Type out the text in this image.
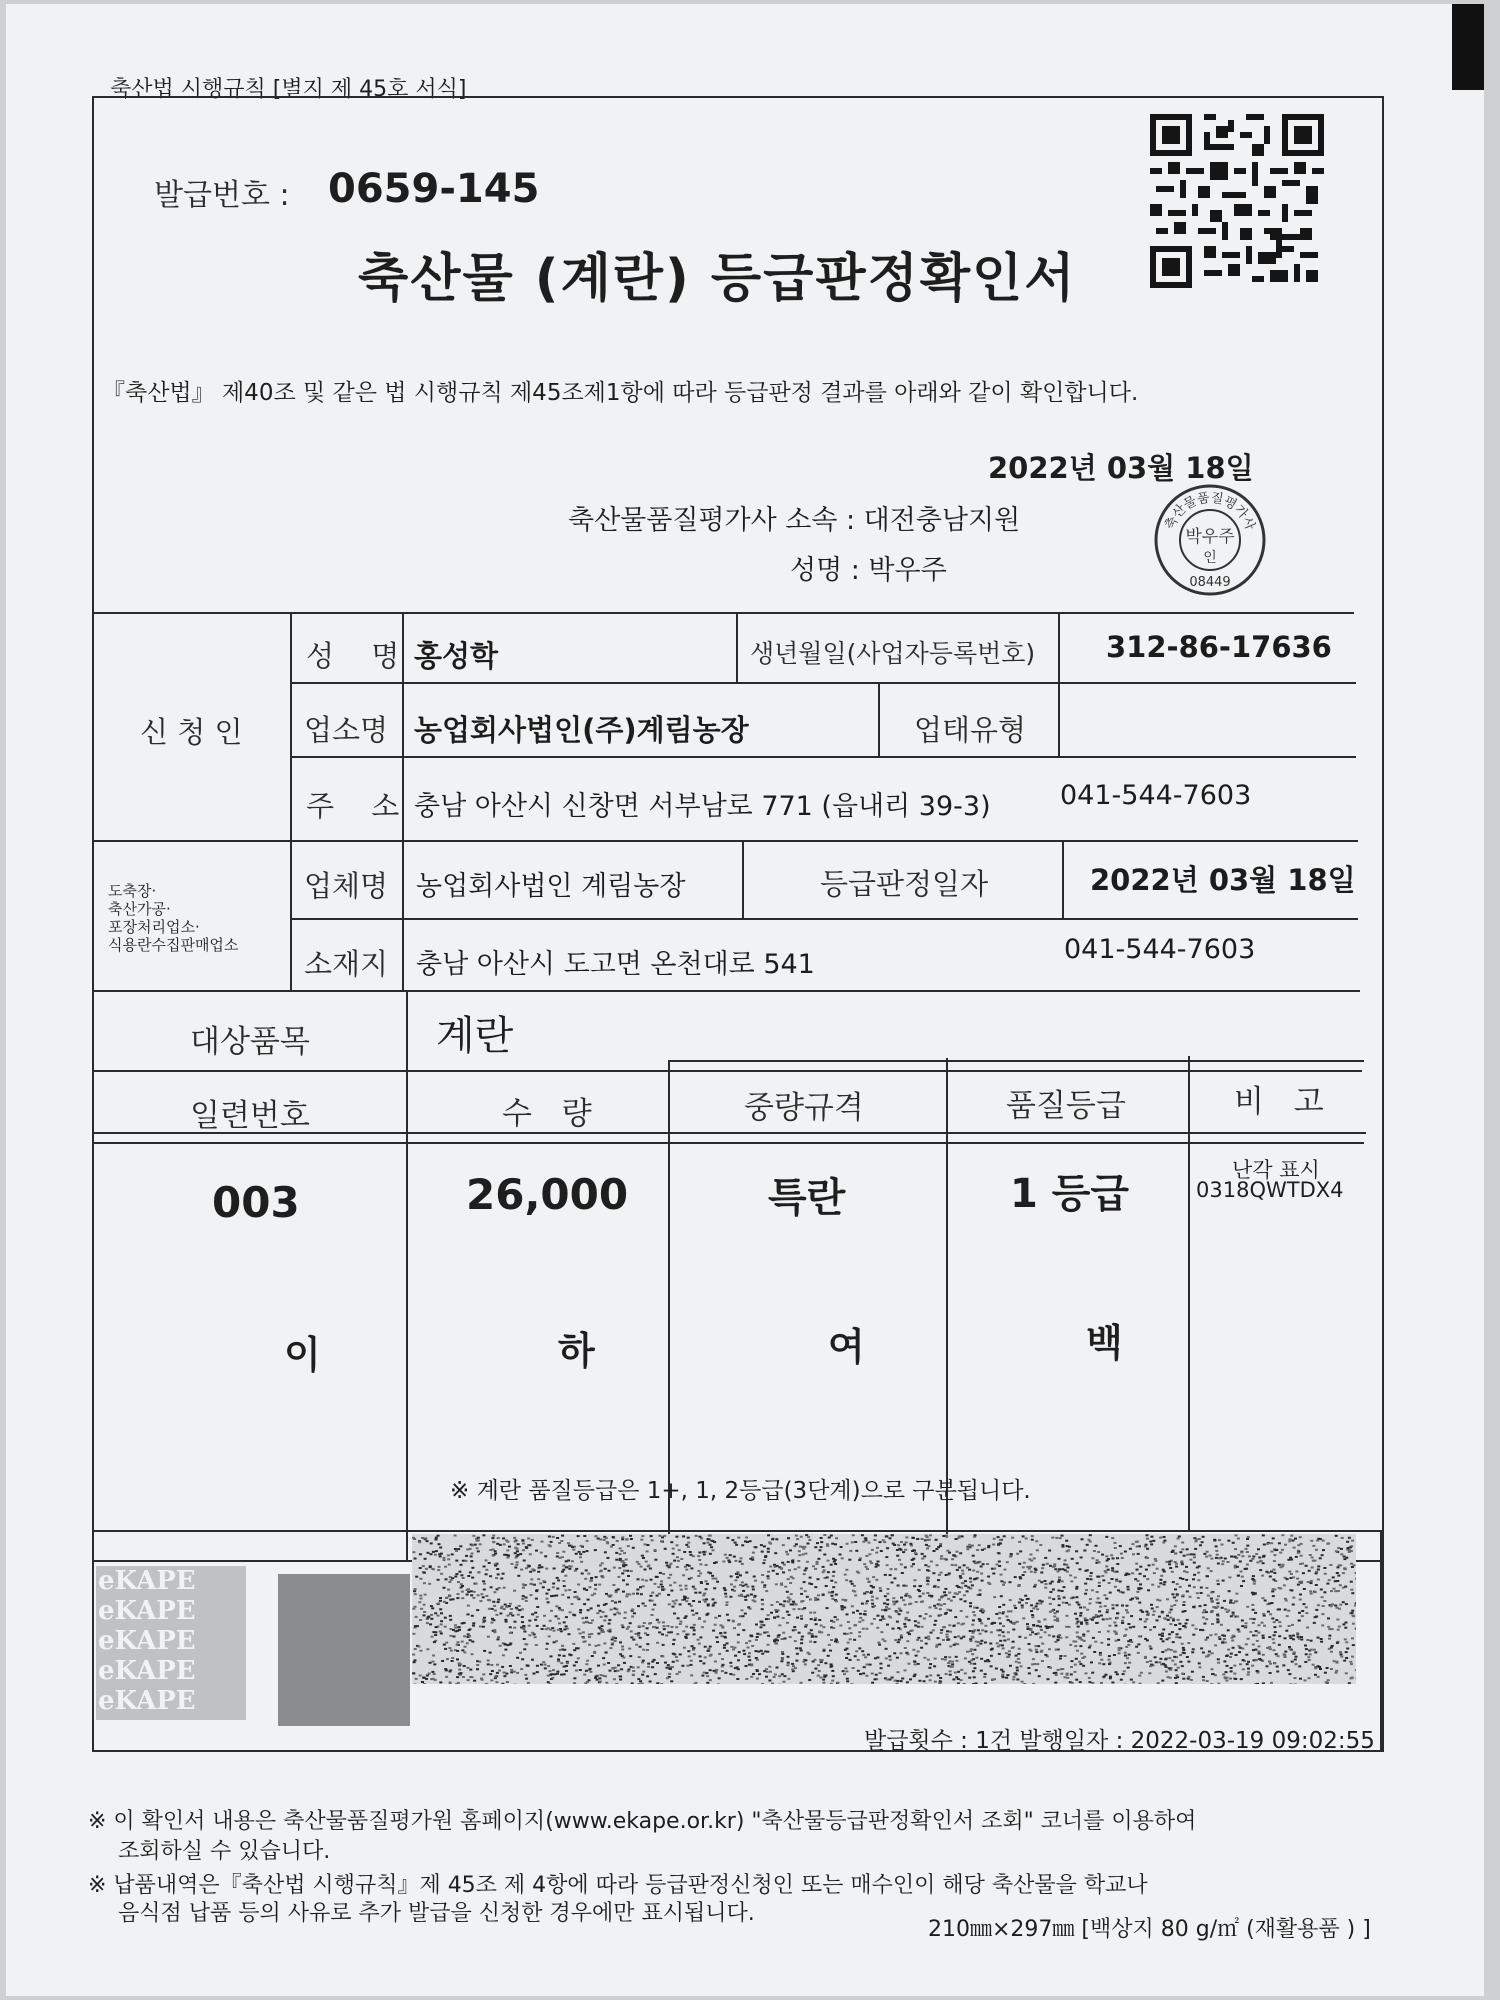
축산법 시행규칙 [별지 제 45호 서식]
발급번호 : 0659-145
축산물 (계란) 등급판정확인서
『축산법』 제40조 및 같은 법 시행규칙 제45조제1항에 따라 등급판정 결과를 아래와 같이 확인합니다.
2022년 03월 18일
축산물품질평가사 소속 : 대전충남지원
성명 : 박우주
축산물품질평가사
박우주
인
08449
신 청 인
성 명 홍성학	생년월일(사업자등록번호) 312-86-17636
업소명 농업회사법인(주)계림농장	업태유형
주 소 충남 아산시 신창면 서부남로 771 (읍내리 39-3)	041-544-7603
도축장·
축산가공·
포장처리업소·
식용란수집판매업소
업체명 농업회사법인 계림농장	등급판정일자	2022년 03월 18일
소재지 충남 아산시 도고면 온천대로 541	041-544-7603
대상품목	계란
일련번호	수 량	중량규격	품질등급	비 고
003	26,000	특란	1 등급
난각 표시
0318QWTDX4
이	하	여	백
※ 계란 품질등급은 1+, 1, 2등급(3단계)으로 구분됩니다.
eKAPE
eKAPE
eKAPE
eKAPE
eKAPE
발급횟수 : 1건 발행일자 : 2022-03-19 09:02:55
※ 이 확인서 내용은 축산물품질평가원 홈페이지(www.ekape.or.kr) "축산물등급판정확인서 조회" 코너를 이용하여
조회하실 수 있습니다.
※ 납품내역은『축산법 시행규칙』제 45조 제 4항에 따라 등급판정신청인 또는 매수인이 해당 축산물을 학교나
음식점 납품 등의 사유로 추가 발급을 신청한 경우에만 표시됩니다.
210㎜×297㎜ [백상지 80 g/㎡ (재활용품 ) ]
